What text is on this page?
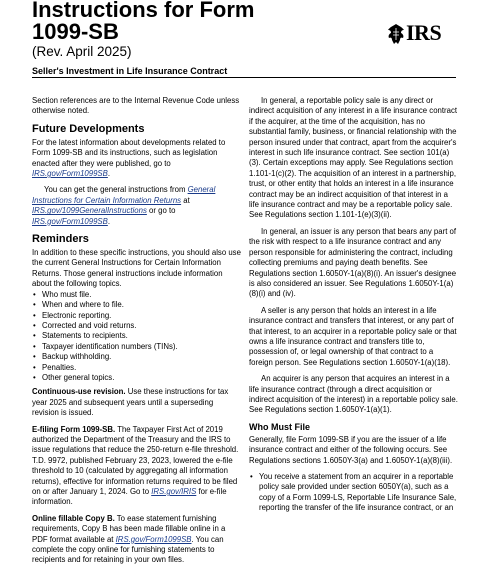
Instructions for Form
1099-SB
(Rev. April 2025)
Seller's Investment in Life Insurance Contract
IRS

Section references are to the Internal Revenue Code unless otherwise noted.

Future Developments

For the latest information about developments related to Form 1099-SB and its instructions, such as legislation enacted after they were published, go to IRS.gov/Form1099SB.

You can get the general instructions from General Instructions for Certain Information Returns at IRS.gov/1099GeneralInstructions or go to IRS.gov/Form1099SB.

Reminders

In addition to these specific instructions, you should also use the current General Instructions for Certain Information Returns. Those general instructions include information about the following topics.

• Who must file.
• When and where to file.
• Electronic reporting.
• Corrected and void returns.
• Statements to recipients.
• Taxpayer identification numbers (TINs).
• Backup withholding.
• Penalties.
• Other general topics.

Continuous-use revision. Use these instructions for tax year 2025 and subsequent years until a superseding revision is issued.

E-filing Form 1099-SB. The Taxpayer First Act of 2019 authorized the Department of the Treasury and the IRS to issue regulations that reduce the 250-return e-file threshold. T.D. 9972, published February 23, 2023, lowered the e-file threshold to 10 (calculated by aggregating all information returns), effective for information returns required to be filed on or after January 1, 2024. Go to IRS.gov/IRIS for e-file information.

Online fillable Copy B. To ease statement furnishing requirements, Copy B has been made fillable online in a PDF format available at IRS.gov/Form1099SB. You can complete the copy online for furnishing statements to recipients and for retaining in your own files.

In general, a reportable policy sale is any direct or indirect acquisition of any interest in a life insurance contract if the acquirer, at the time of the acquisition, has no substantial family, business, or financial relationship with the person insured under that contract, apart from the acquirer's interest in such life insurance contract. See section 101(a)(3). Certain exceptions may apply. See Regulations section 1.101-1(c)(2). The acquisition of an interest in a partnership, trust, or other entity that holds an interest in a life insurance contract may be an indirect acquisition of that interest in a life insurance contract and may be a reportable policy sale. See Regulations section 1.101-1(e)(3)(ii).

In general, an issuer is any person that bears any part of the risk with respect to a life insurance contract and any person responsible for administering the contract, including collecting premiums and paying death benefits. See Regulations section 1.6050Y-1(a)(8)(i). An issuer's designee is also considered an issuer. See Regulations 1.6050Y-1(a)(8)(i) and (iv).

A seller is any person that holds an interest in a life insurance contract and transfers that interest, or any part of that interest, to an acquirer in a reportable policy sale or that owns a life insurance contract and transfers title to, possession of, or legal ownership of that contract to a foreign person. See Regulations section 1.6050Y-1(a)(18).

An acquirer is any person that acquires an interest in a life insurance contract (through a direct acquisition or indirect acquisition of the interest) in a reportable policy sale. See Regulations section 1.6050Y-1(a)(1).

Who Must File

Generally, file Form 1099-SB if you are the issuer of a life insurance contract and either of the following occurs. See Regulations sections 1.6050Y-3(a) and 1.6050Y-1(a)(8)(iii).

• You receive a statement from an acquirer in a reportable policy sale provided under section 6050Y(a), such as a copy of a Form 1099-LS, Reportable Life Insurance Sale, reporting the transfer of the life insurance contract, or an
